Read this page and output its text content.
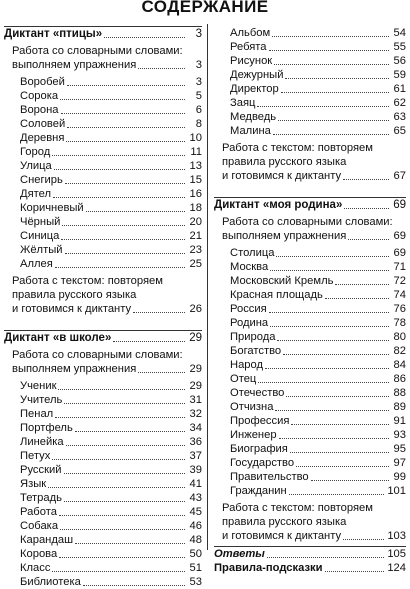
СОДЕРЖАНИЕ
Диктант «птицы»	3
Работа со словарными словами:
выполняем упражнения	3
Воробей	3
Сорока	5
Ворона	6
Соловей	8
Деревня	10
Город	11
Улица	13
Снегирь	15
Дятел	16
Коричневый	18
Чёрный	20
Синица	21
Жёлтый	23
Аллея	25
Работа с текстом: повторяем
правила русского языка
и готовимся к диктанту	26
Диктант «в школе»	29
Работа со словарными словами:
выполняем упражнения	29
Ученик	29
Учитель	31
Пенал	32
Портфель	34
Линейка	36
Петух	37
Русский	39
Язык	41
Тетрадь	43
Работа	45
Собака	46
Карандаш	48
Корова	50
Класс	51
Библиотека	53
Альбом	54
Ребята	55
Рисунок	56
Дежурный	59
Директор	61
Заяц	62
Медведь	63
Малина	65
Работа с текстом: повторяем
правила русского языка
и готовимся к диктанту	67
Диктант «моя родина»	69
Работа со словарными словами:
выполняем упражнения	69
Столица	69
Москва	71
Московский Кремль	72
Красная площадь	74
Россия	76
Родина	78
Природа	80
Богатство	82
Народ	84
Отец	86
Отечество	88
Отчизна	89
Профессия	91
Инженер	93
Биография	95
Государство	97
Правительство	99
Гражданин	101
Работа с текстом: повторяем
правила русского языка
и готовимся к диктанту	103
Ответы	105
Правила-подсказки	124
